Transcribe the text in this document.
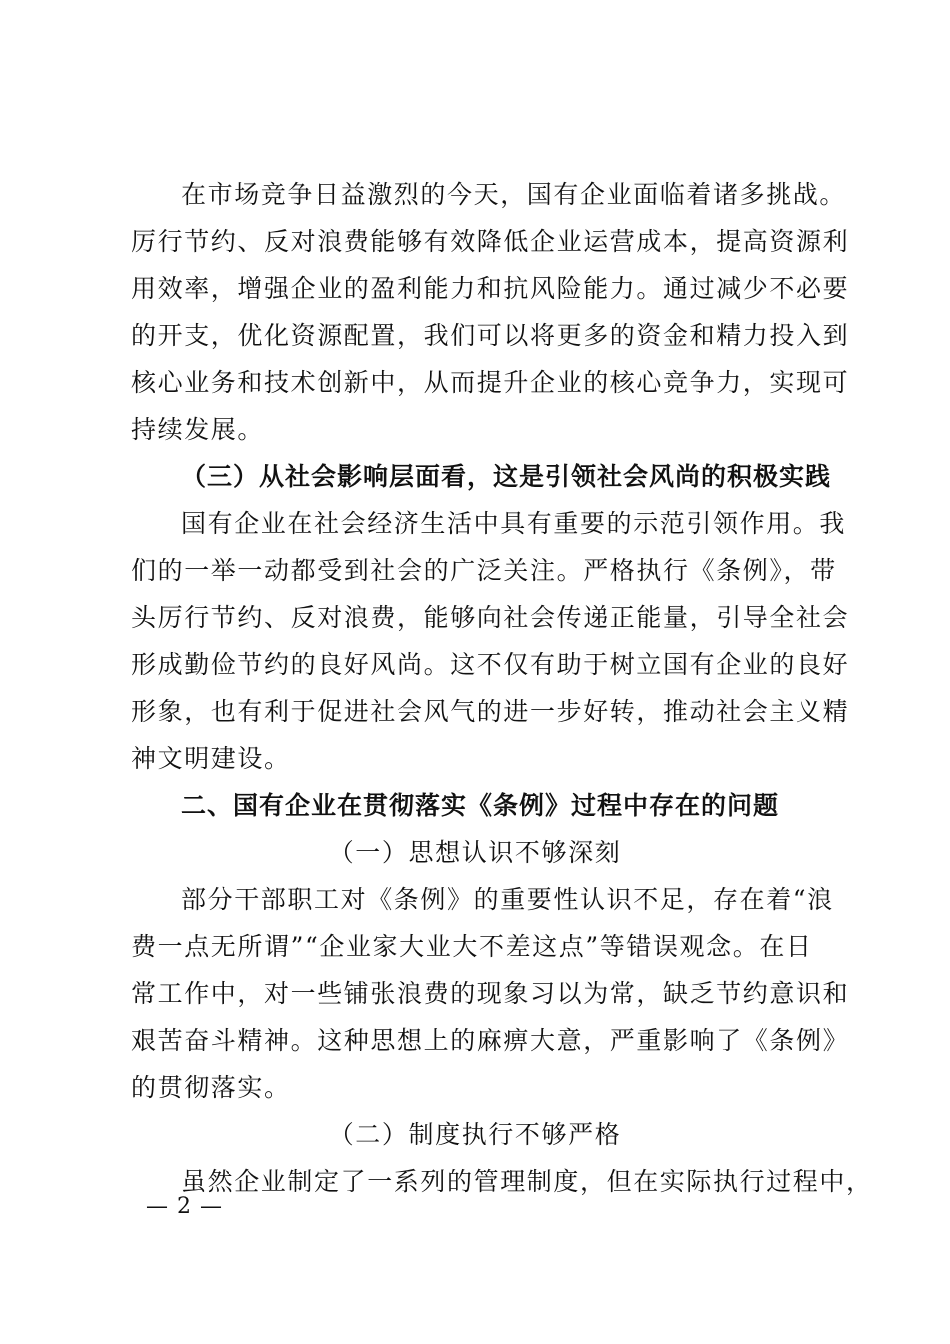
在市场竞争日益激烈的今天，国有企业面临着诸多挑战。
厉行节约、反对浪费能够有效降低企业运营成本，提高资源利
用效率，增强企业的盈利能力和抗风险能力。通过减少不必要
的开支，优化资源配置，我们可以将更多的资金和精力投入到
核心业务和技术创新中，从而提升企业的核心竞争力，实现可
持续发展。
（三）从社会影响层面看，这是引领社会风尚的积极实践
国有企业在社会经济生活中具有重要的示范引领作用。我
们的一举一动都受到社会的广泛关注。严格执行《条例》，带
头厉行节约、反对浪费，能够向社会传递正能量，引导全社会
形成勤俭节约的良好风尚。这不仅有助于树立国有企业的良好
形象，也有利于促进社会风气的进一步好转，推动社会主义精
神文明建设。
二、国有企业在贯彻落实《条例》过程中存在的问题
（一）思想认识不够深刻
部分干部职工对《条例》的重要性认识不足，存在着“浪
费一点无所谓”“企业家大业大不差这点”等错误观念。在日
常工作中，对一些铺张浪费的现象习以为常，缺乏节约意识和
艰苦奋斗精神。这种思想上的麻痹大意，严重影响了《条例》
的贯彻落实。
（二）制度执行不够严格
虽然企业制定了一系列的管理制度，但在实际执行过程中，
— 2 —
